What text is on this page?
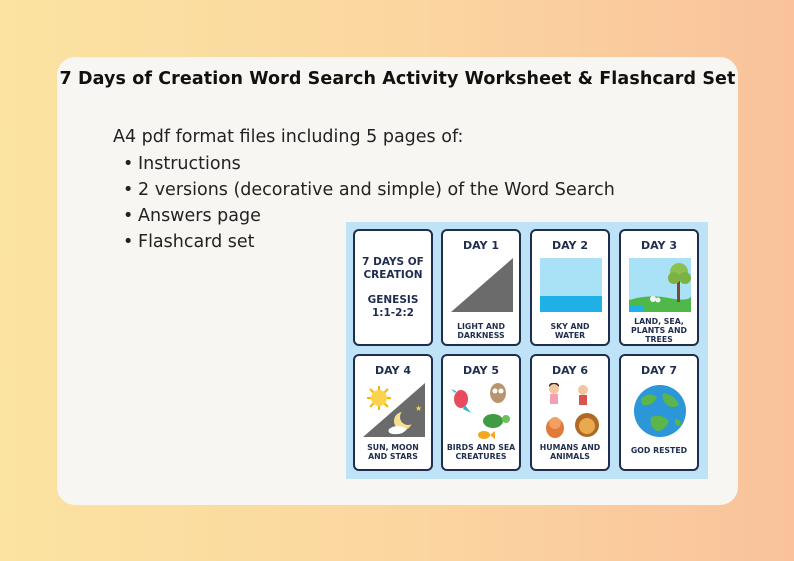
7 Days of Creation Word Search Activity Worksheet & Flashcard Set
A4 pdf format files including 5 pages of:
• Instructions
• 2 versions (decorative and simple) of the Word Search
• Answers page
• Flashcard set
7 DAYS OF CREATION
GENESIS 1:1-2:2
DAY 1
LIGHT AND DARKNESS
DAY 2
SKY AND WATER
DAY 3
LAND, SEA, PLANTS AND TREES
DAY 4
★
SUN, MOON AND STARS
DAY 5
BIRDS AND SEA CREATURES
DAY 6
HUMANS AND ANIMALS
DAY 7
GOD RESTED
